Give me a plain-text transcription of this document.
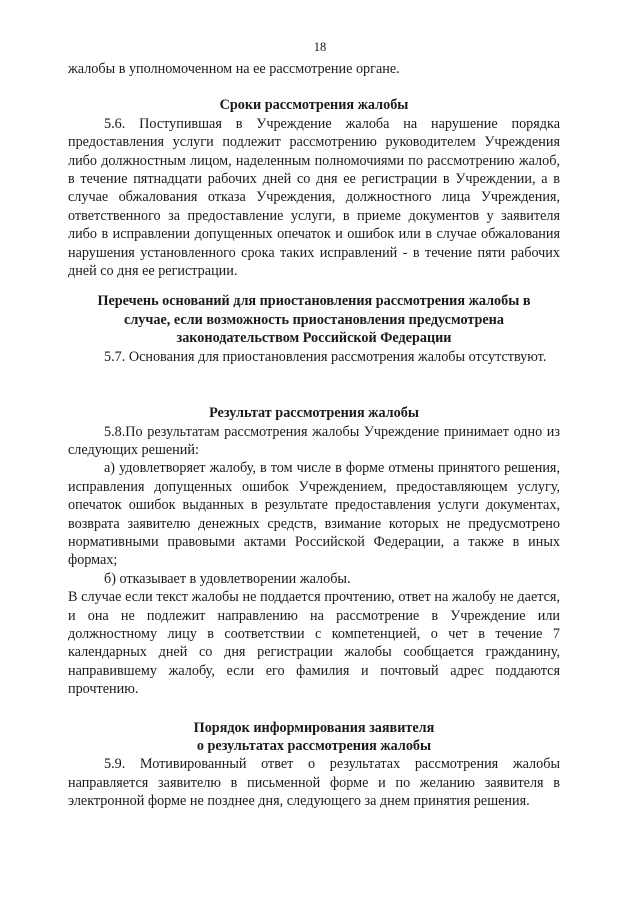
18

жалобы в уполномоченном на ее рассмотрение органе.

Сроки рассмотрения жалобы

5.6. Поступившая в Учреждение жалоба на нарушение порядка предоставления услуги подлежит рассмотрению руководителем Учреждения либо должностным лицом, наделенным полномочиями по рассмотрению жалоб, в течение пятнадцати рабочих дней со дня ее регистрации в Учреждении, а в случае обжалования отказа Учреждения, должностного лица Учреждения, ответственного за предоставление услуги, в приеме документов у заявителя либо в исправлении допущенных опечаток и ошибок или в случае обжалования нарушения установленного срока таких исправлений - в течение пяти рабочих дней со дня ее регистрации.

Перечень оснований для приостановления рассмотрения жалобы в
случае, если возможность приостановления предусмотрена
законодательством Российской Федерации

5.7. Основания для приостановления рассмотрения жалобы отсутствуют.

Результат рассмотрения жалобы

5.8.По результатам рассмотрения жалобы Учреждение принимает одно из следующих решений:

а) удовлетворяет жалобу, в том числе в форме отмены принятого решения, исправления допущенных ошибок Учреждением, предоставляющем услугу, опечаток ошибок выданных в результате предоставления услуги документах, возврата заявителю денежных средств, взимание которых не предусмотрено нормативными правовыми актами Российской Федерации, а также в иных формах;

б) отказывает в удовлетворении жалобы.

В случае если текст жалобы не поддается прочтению, ответ на жалобу не дается, и она не подлежит направлению на рассмотрение в Учреждение или должностному лицу в соответствии с компетенцией, о чет в течение 7 календарных дней со дня регистрации жалобы сообщается гражданину, направившему жалобу, если его фамилия и почтовый адрес поддаются прочтению.

Порядок информирования заявителя
о результатах рассмотрения жалобы

5.9. Мотивированный ответ о результатах рассмотрения жалобы направляется заявителю в письменной форме и по желанию заявителя в электронной форме не позднее дня, следующего за днем принятия решения.
